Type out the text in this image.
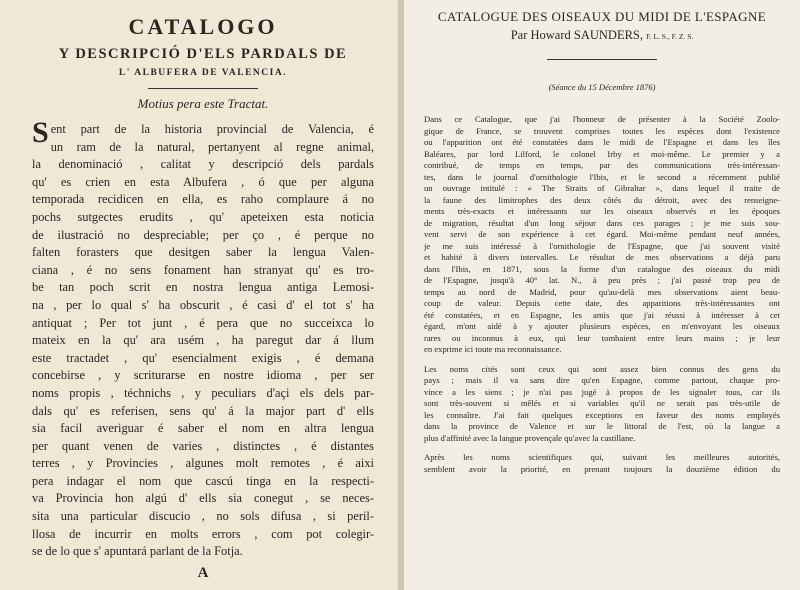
CATALOGO
Y DESCRIPCIÓ D'ELS PARDALS DE
L' ALBUFERA DE VALENCIA.
Motius pera este Tractat.
S ent part de la historia provincial de Valencia, é
un ram de la natural, pertanyent al regne animal,
la denominació , calitat y descripció dels pardals
qu' es crien en esta Albufera , ó que per alguna
temporada recidicen en ella, es raho complaure á no
pochs sutgectes erudits , qu' apeteixen esta noticia
de ilustració no despreciable; per ço , é perque no
falten forasters que desitgen saber la lengua Valen-
ciana , é no sens fonament han stranyat qu' es tro-
be tan poch scrit en nostra lengua antiga Lemosi-
na , per lo qual s' ha obscurit , é casi d' el tot s' ha
antiquat ; Per tot junt , é pera que no succeixca lo
mateix en la qu' ara usém , ha paregut dar á llum
este tractadet , qu' esencialment exigis , é demana
concebirse , y scriturarse en nostre idioma , per ser
noms propis , téchnichs , y peculiars d'açi els dels par-
dals qu' es referisen, sens qu' á la major part d' ells
sia facil averiguar é saber el nom en altra lengua
per quant venen de varies , distinctes , é distantes
terres , y Provincies , algunes molt remotes , é aixi
pera indagar el nom que cascú tinga en la respecti-
va Provincia hon algú d' ells sia conegut , se neces-
sita una particular discucio , no sols difusa , si peril-
llosa de incurrir en molts errors , com pot colegir-
se de lo que s' apuntará parlant de la Fotja.
A
CATALOGUE DES OISEAUX DU MIDI DE L'ESPAGNE
Par Howard SAUNDERS, F. L. S., F. Z. S.
(Séance du 15 Décembre 1876)
Dans ce Catalogue, que j'ai l'honneur de présenter à la Société Zoolo-
gique de France, se trouvent comprises toutes les espèces dont l'existence
ou l'apparition ont été constatées dans le midi de l'Espagne et dans les îles
Baléares, par lord Lilford, le colonel Irby et moi-même. Le premier y a
contribué, de temps en temps, par des communications très-intéressan-
tes, dans le journal d'ornithologie l'Ibis, et le second a récemment publié
un ouvrage intitulé : « The Straits of Gibraltar », dans lequel il traite de
la faune des limitrophes des deux côtés du détroit, avec des renseigne-
ments très-exacts et intéressants sur les oiseaux observés et les époques
de migration, résultat d'un long séjour dans ces parages ; je me suis sou-
vent servi de son expérience à cet égard. Moi-même pendant neuf années,
je me suis intéressé à l'ornithologie de l'Espagne, que j'ai souvent visité
et habité à divers intervalles. Le résultat de mes observations a déjà paru
dans l'Ibis, en 1871, sous la forme d'un catalogue des oiseaux du midi
de l'Espagne, jusqu'à 40° lat. N., à peu près ; j'ai passé trop peu de
temps au nord de Madrid, pour qu'au-delà mes observations aient beau-
coup de valeur. Depuis cette date, des apparitions très-intéressantes ont
été constatées, et en Espagne, les amis que j'ai réussi à intéresser à cet
égard, m'ont aidé à y ajouter plusieurs espèces, en m'envoyant les oiseaux
rares ou inconnus à eux, qui leur tombaient entre leurs mains ; je leur
en exprime ici toute ma reconnaissance.
Les noms cités sont ceux qui sont assez bien connus des gens du
pays ; mais il va sans dire qu'en Espagne, comme partout, chaque pro-
vince a les siens ; je n'ai pas jugé à propos de les signaler tous, car ils
sont très-souvent si mêlés et si variables qu'il ne serait pas très-utile de
les connaître. J'ai fait quelques exceptions en faveur des noms employés
dans la province de Valence et sur le littoral de l'est, où la langue a
plus d'affinité avec la langue provençale qu'avec la castillane.
Après les noms scientifiques qui, suivant les meilleures autorités,
semblent avoir la priorité, en prenant toujours la douzième édition du
